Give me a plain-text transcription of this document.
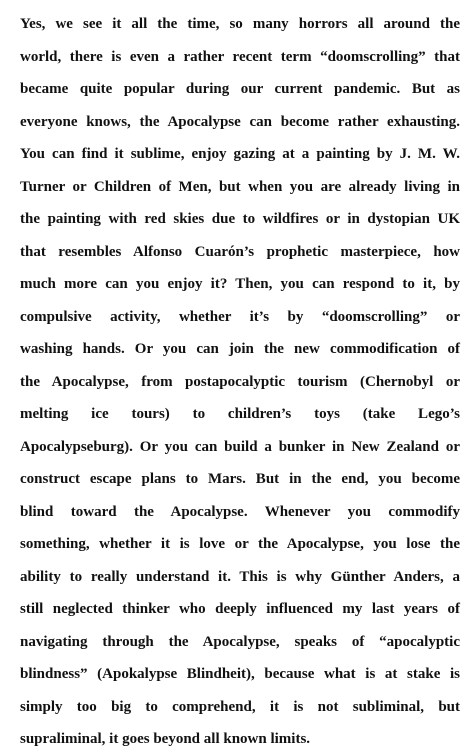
Yes, we see it all the time, so many horrors all around the
world, there is even a rather recent term “doomscrolling” that
became quite popular during our current pandemic. But as
everyone knows, the Apocalypse can become rather exhausting.
You can find it sublime, enjoy gazing at a painting by J. M. W.
Turner or Children of Men, but when you are already living in
the painting with red skies due to wildfires or in dystopian UK
that resembles Alfonso Cuarón’s prophetic masterpiece, how
much more can you enjoy it? Then, you can respond to it, by
compulsive activity, whether it’s by “doomscrolling” or
washing hands. Or you can join the new commodification of
the Apocalypse, from postapocalyptic tourism (Chernobyl or
melting ice tours) to children’s toys (take Lego’s
Apocalypseburg). Or you can build a bunker in New Zealand or
construct escape plans to Mars. But in the end, you become
blind toward the Apocalypse. Whenever you commodify
something, whether it is love or the Apocalypse, you lose the
ability to really understand it. This is why Günther Anders, a
still neglected thinker who deeply influenced my last years of
navigating through the Apocalypse, speaks of “apocalyptic
blindness” (Apokalypse Blindheit), because what is at stake is
simply too big to comprehend, it is not subliminal, but
supraliminal, it goes beyond all known limits.
